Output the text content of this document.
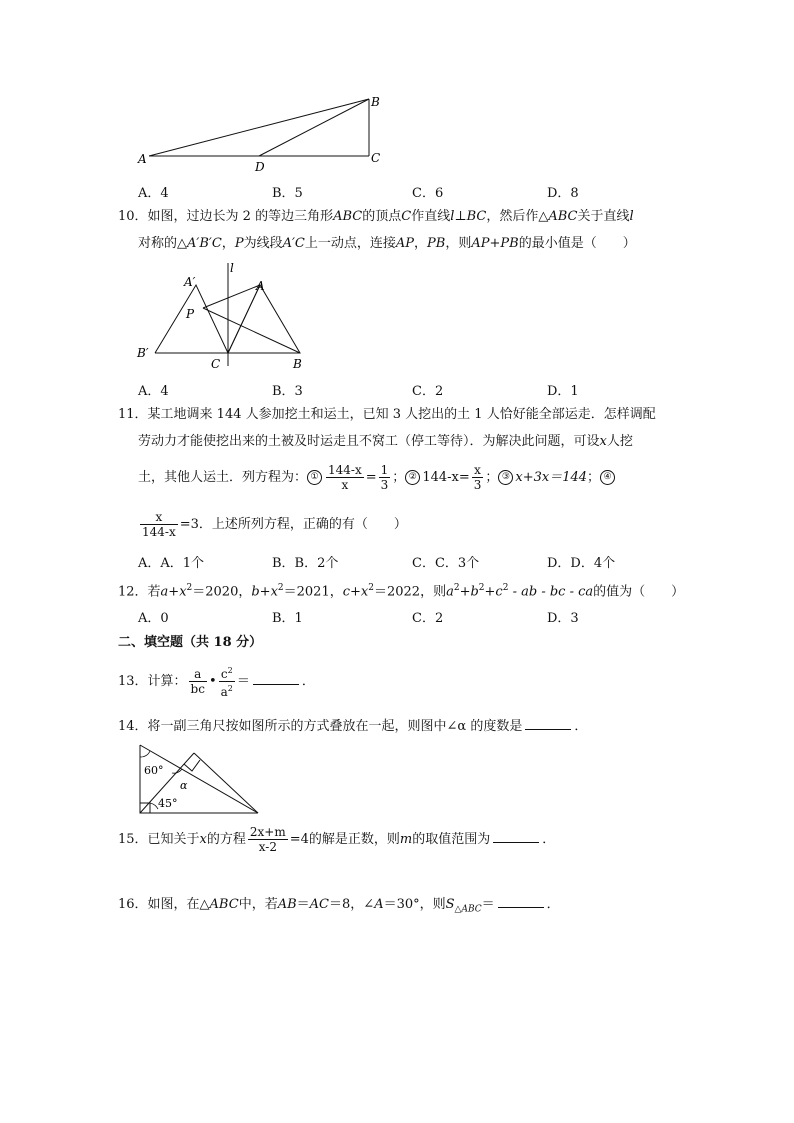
A
B
C
D
A．4	B．5	C．6	D．8
10．如图，过边长为 2 的等边三角形ABC的顶点C作直线l⊥BC，然后作△ABC关于直线l
对称的△A′B′C，P为线段A′C上一动点，连接AP，PB，则AP+PB的最小值是（　　）
l
A′	A
P
B′
C	B
A．4	B．3	C．2	D．1
11．某工地调来 144 人参加挖土和运土，已知 3 人挖出的土 1 人恰好能全部运走．怎样调配
劳动力才能使挖出来的土被及时运走且不窝工（停工等待）．为解决此问题，可设x人挖
土，其他人运土．列方程为： ① $\frac{144-x}{x} = \frac{1}{3}$ ； ② $144-x= \frac{x}{3}$ ； ③ x+3x＝144； ④
$\frac{x}{144-x} =3$．上述所列方程，正确的有（　　）
A．A．1个	B．B．2个	C．C．3个	D．D．4个
12．若$a+x^2=2020$，$b+x^2=2021$，$c+x^2=2022$，则$a^2+b^2+c^2$ - ab - bc - ca的值为（　　）
A．0	B．1	C．2	D．3
二、填空题（共 18 分）
13．计算： $\frac{a}{bc}$ • $\frac{c^2}{a^2}$ ＝	．
14．将一副三角尺按如图所示的方式叠放在一起，则图中∠α 的度数是	．
60°
α
45°
15．已知关于x的方程 $\frac{2x+m}{x-2} =4$的解是正数，则m的取值范围为	．
16．如图，在△ABC中，若AB＝AC＝8，∠A＝30°，则$S_{\triangle ABC}=$	．
